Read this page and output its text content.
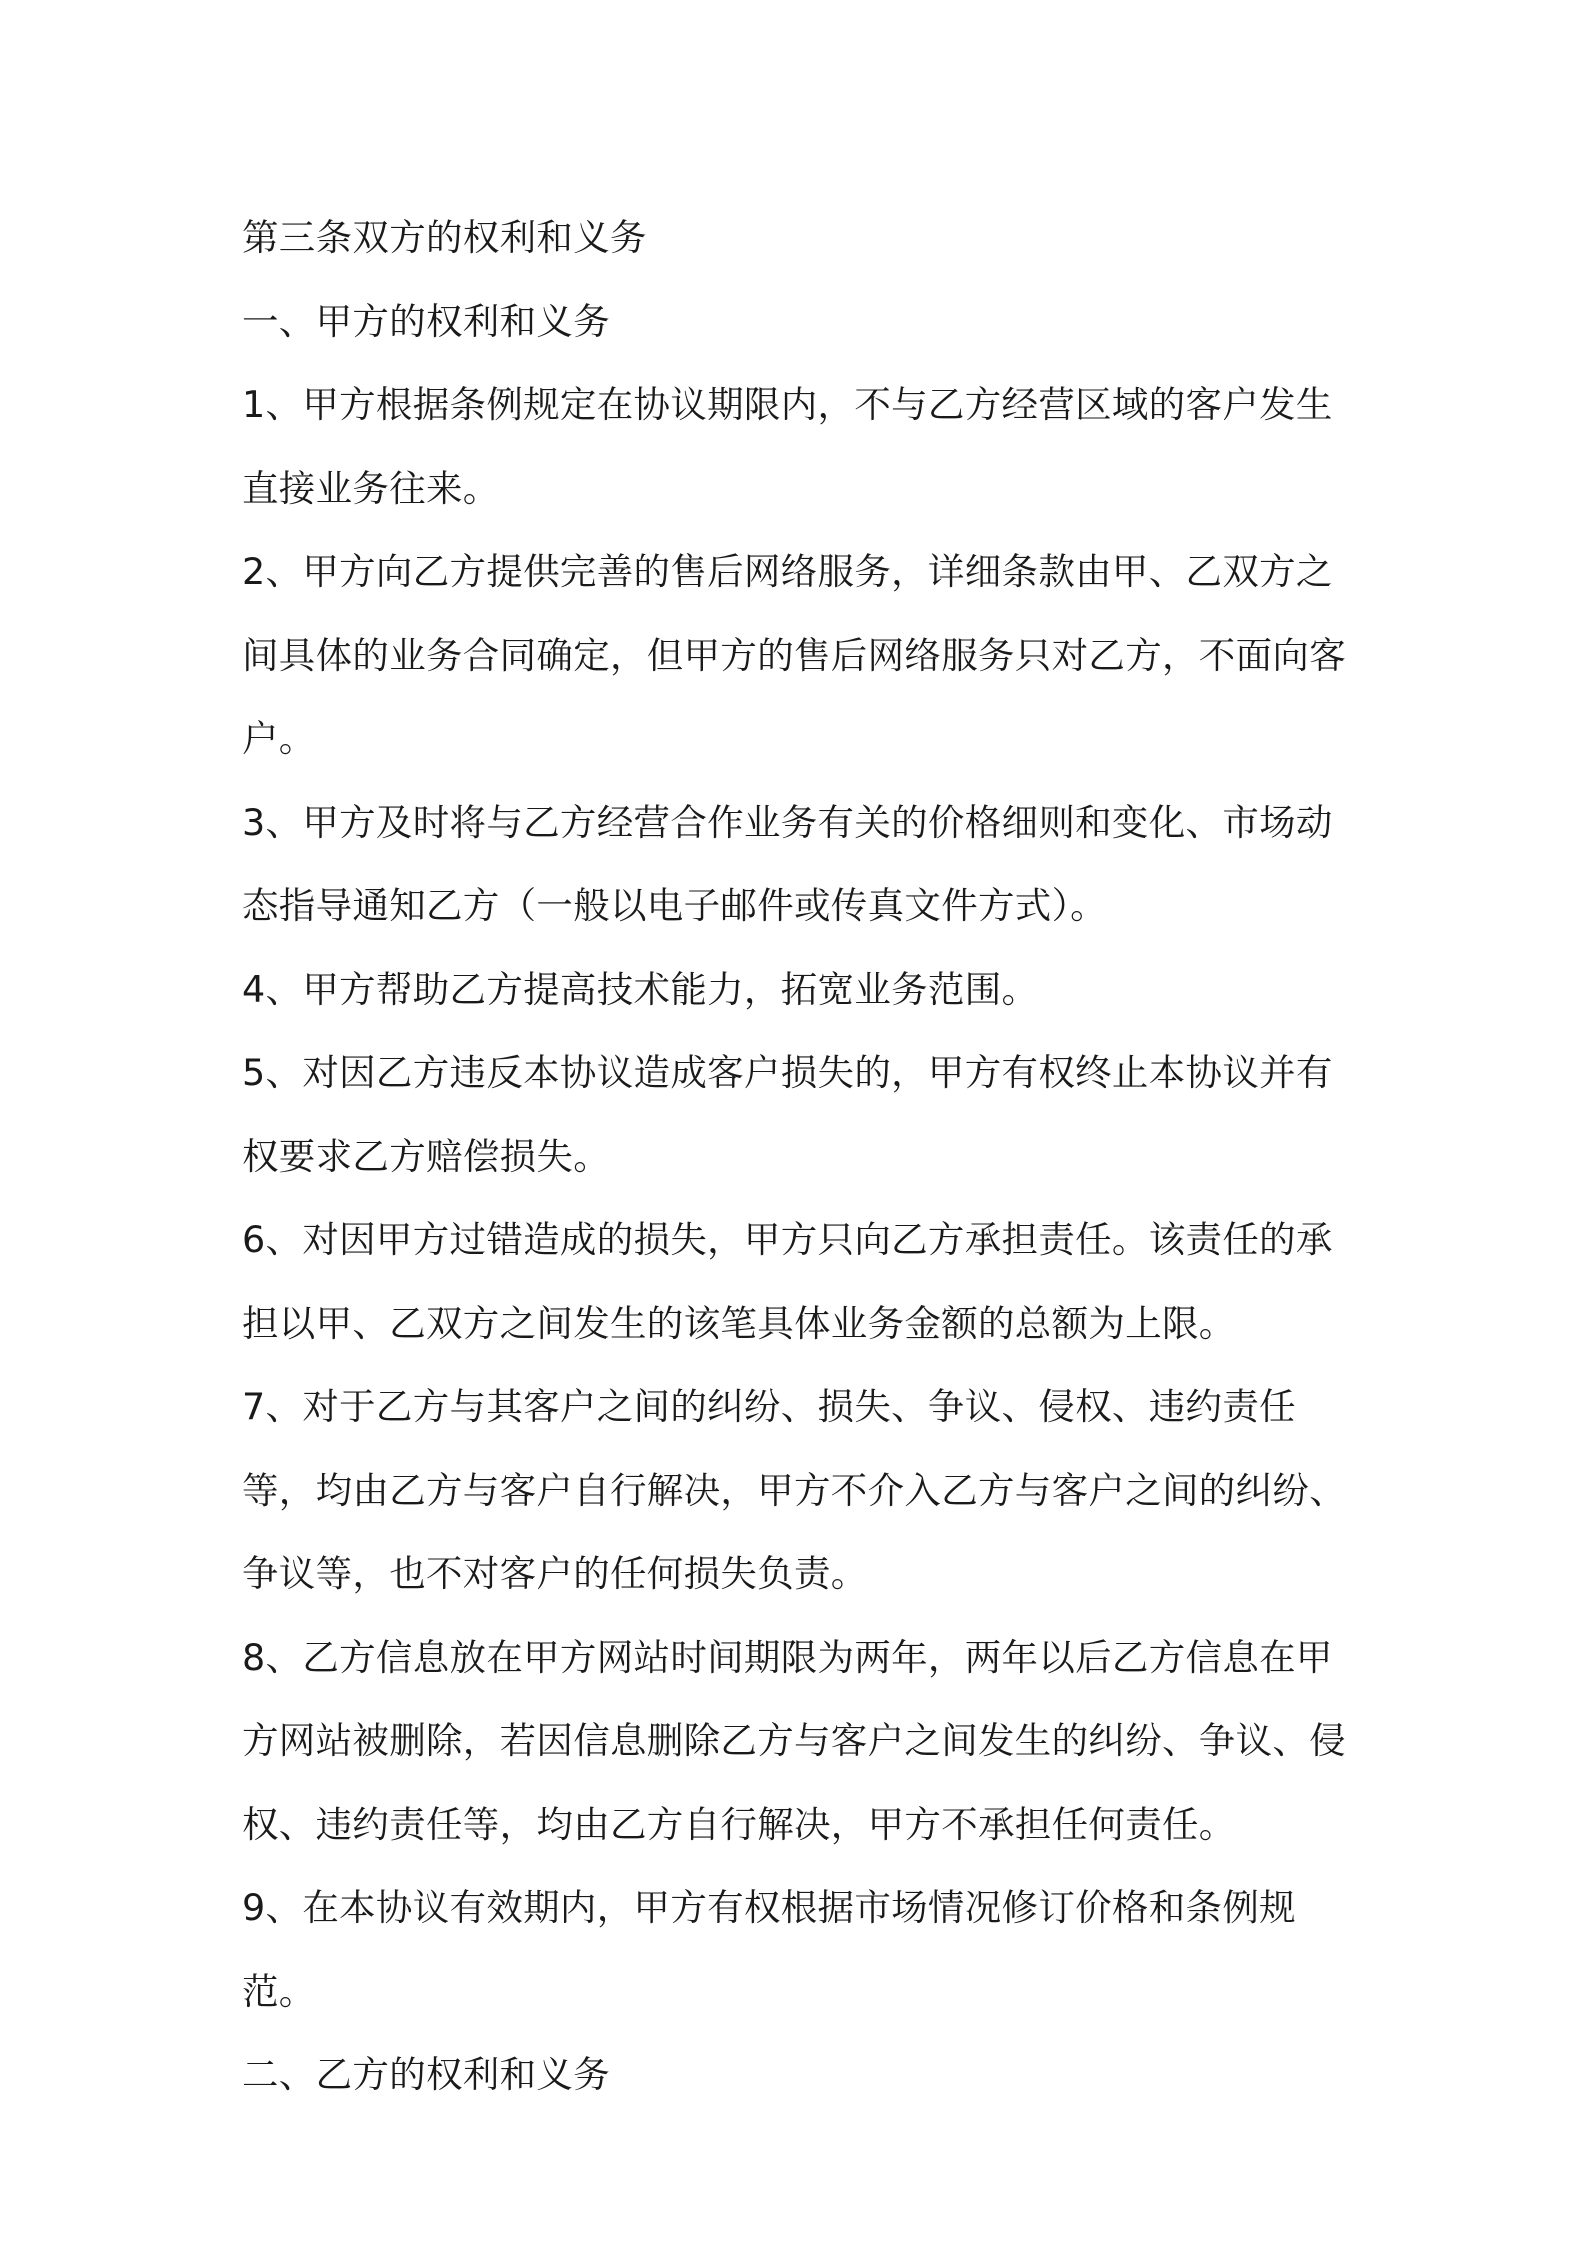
第三条双方的权利和义务

一、甲方的权利和义务

1、甲方根据条例规定在协议期限内，不与乙方经营区域的客户发生直接业务往来。

2、甲方向乙方提供完善的售后网络服务，详细条款由甲、乙双方之间具体的业务合同确定，但甲方的售后网络服务只对乙方，不面向客户。

3、甲方及时将与乙方经营合作业务有关的价格细则和变化、市场动态指导通知乙方（一般以电子邮件或传真文件方式）。

4、甲方帮助乙方提高技术能力，拓宽业务范围。

5、对因乙方违反本协议造成客户损失的，甲方有权终止本协议并有权要求乙方赔偿损失。

6、对因甲方过错造成的损失，甲方只向乙方承担责任。该责任的承担以甲、乙双方之间发生的该笔具体业务金额的总额为上限。

7、对于乙方与其客户之间的纠纷、损失、争议、侵权、违约责任等，均由乙方与客户自行解决，甲方不介入乙方与客户之间的纠纷、争议等，也不对客户的任何损失负责。

8、乙方信息放在甲方网站时间期限为两年，两年以后乙方信息在甲方网站被删除，若因信息删除乙方与客户之间发生的纠纷、争议、侵权、违约责任等，均由乙方自行解决，甲方不承担任何责任。

9、在本协议有效期内，甲方有权根据市场情况修订价格和条例规范。

二、乙方的权利和义务
